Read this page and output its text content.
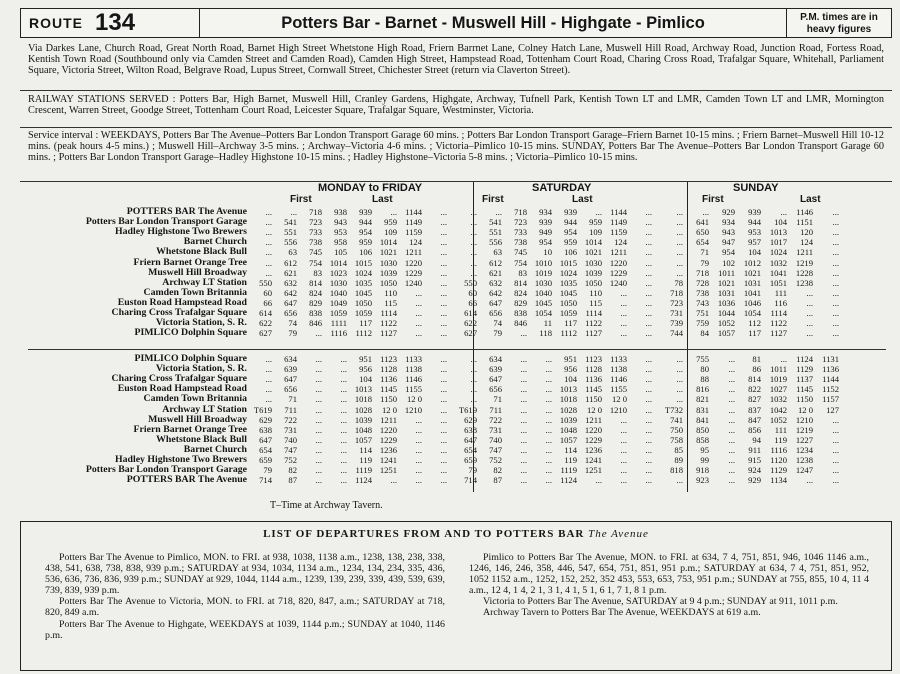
ROUTE 134	Potters Bar - Barnet - Muswell Hill - Highgate - Pimlico	P.M. times are in heavy figures

Via Darkes Lane, Church Road, Great North Road, Barnet High Street Whetstone High Road, Friern Barrnet Lane, Colney Hatch Lane, Muswell Hill Road, Archway Road, Junction Road, Fortess Road, Kentish Town Road (Southbound only via Camden Street and Camden Road), Camden High Street, Hampstead Road, Tottenham Court Road, Charing Cross Road, Trafalgar Square, Whitehall, Parliament Square, Victoria Street, Wilton Road, Belgrave Road, Lupus Street, Cornwall Street, Chichester Street (return via Claverton Street).

RAILWAY STATIONS SERVED : Potters Bar, High Barnet, Muswell Hill, Cranley Gardens, Highgate, Archway, Tufnell Park, Kentish Town LT and LMR, Camden Town LT and LMR, Mornington Crescent, Warren Street, Goodge Street, Tottenham Court Road, Leicester Square, Trafalgar Square, Westminster, Victoria.

Service interval : WEEKDAYS, Potters Bar The Avenue–Potters Bar London Transport Garage 60 mins. ; Potters Bar London Transport Garage–Friern Barnet 10-15 mins. ; Friern Barnet–Muswell Hill 10-12 mins. (peak hours 4-5 mins.) ; Muswell Hill–Archway 3-5 mins. ; Archway–Victoria 4-6 mins. ; Victoria–Pimlico 10-15 mins. SUNDAY, Potters Bar The Avenue–Potters Bar London Transport Garage 60 mins. ; Potters Bar London Transport Garage–Hadley Highstone 10-15 mins. ; Hadley Highstone–Victoria 5-8 mins. ; Victoria–Pimlico 10-15 mins.

MONDAY to FRIDAY	SATURDAY	SUNDAY
First	Last	First	Last	First	Last
POTTERS BAR The Avenue	...	...	718	938	939	...	1144	...	...	...	718	934	939	...	1144	...	...	...	929	939	...	1146	...
Potters Bar London Transport Garage	...	541	723	943	944	959	1149	...	...	541	723	939	944	959	1149	...	...	641	934	944	104	1151	...
Hadley Highstone Two Brewers	...	551	733	953	954	109	1159	...	...	551	733	949	954	109	1159	...	...	650	943	953	1013	120	...
Barnet Church	...	556	738	958	959	1014	124	...	...	556	738	954	959	1014	124	...	...	654	947	957	1017	124	...
Whetstone Black Bull	...	63	745	105	106	1021	1211	...	...	63	745	10	106	1021	1211	...	...	71	954	104	1024	1211	...
Friern Barnet Orange Tree	...	612	754	1014	1015	1030	1220	...	...	612	754	1010	1015	1030	1220	...	...	79	102	1012	1032	1219	...
Muswell Hill Broadway	...	621	83	1023	1024	1039	1229	...	...	621	83	1019	1024	1039	1229	...	...	718	1011	1021	1041	1228	...
Archway LT Station	550	632	814	1030	1035	1050	1240	...	550	632	814	1030	1035	1050	1240	...	78	728	1021	1031	1051	1238	...
Camden Town Britannia	60	642	824	1040	1045	110	...	...	60	642	824	1040	1045	110	...	...	718	738	1031	1041	111	...	...
Euston Road Hampstead Road	66	647	829	1049	1050	115	...	...	66	647	829	1045	1050	115	...	...	723	743	1036	1046	116	...	...
Charing Cross Trafalgar Square	614	656	838	1059	1059	1114	...	...	614	656	838	1054	1059	1114	...	...	731	751	1044	1054	1114	...	...
Victoria Station, S. R.	622	74	846	1111	117	1122	...	...	622	74	846	11	117	1122	...	...	739	759	1052	112	1122	...	...
PIMLICO Dolphin Square	627	79	...	1116	1112	1127	...	...	627	79	...	118	1112	1127	...	...	744	84	1057	117	1127	...	...
PIMLICO Dolphin Square	...	634	...	...	951	1123	1133	...	...	634	...	...	951	1123	1133	...	...	755	...	81	...	1124	1131
Victoria Station, S. R.	...	639	...	...	956	1128	1138	...	...	639	...	...	956	1128	1138	...	...	80	...	86	1011	1129	1136
Charing Cross Trafalgar Square	...	647	...	...	104	1136	1146	...	...	647	...	...	104	1136	1146	...	...	88	...	814	1019	1137	1144
Euston Road Hampstead Road	...	656	...	...	1013	1145	1155	...	...	656	...	...	1013	1145	1155	...	...	816	...	822	1027	1145	1152
Camden Town Britannia	...	71	...	...	1018	1150	12 0	...	...	71	...	...	1018	1150	12 0	...	...	821	...	827	1032	1150	1157
Archway LT Station	T619	711	...	...	1028	12 0	1210	...	T619	711	...	...	1028	12 0	1210	...	T732	831	...	837	1042	12 0	127
Muswell Hill Broadway	629	722	...	...	1039	1211	...	...	629	722	...	...	1039	1211	...	...	741	841	...	847	1052	1210	...
Friern Barnet Orange Tree	638	731	...	...	1048	1220	...	...	638	731	...	...	1048	1220	...	...	750	850	...	856	111	1219	...
Whetstone Black Bull	647	740	...	...	1057	1229	...	...	647	740	...	...	1057	1229	...	...	758	858	...	94	119	1227	...
Barnet Church	654	747	...	...	114	1236	...	...	654	747	...	...	114	1236	...	...	85	95	...	911	1116	1234	...
Hadley Highstone Two Brewers	659	752	...	...	119	1241	...	...	659	752	...	...	119	1241	...	...	89	99	...	915	1120	1238	...
Potters Bar London Transport Garage	79	82	...	...	1119	1251	...	...	79	82	...	...	1119	1251	...	...	818	918	...	924	1129	1247	...
POTTERS BAR The Avenue	714	87	...	...	1124	...	...	...	714	87	...	...	1124	...	...	...	...	923	...	929	1134	...	...
T–Time at Archway Tavern.
LIST OF DEPARTURES FROM AND TO POTTERS BAR The Avenue

Potters Bar The Avenue to Pimlico, MON. to FRI. at 938, 1038, 1138 a.m., 1238, 138, 238, 338, 438, 541, 638, 738, 838, 939 p.m.; SATURDAY at 934, 1034, 1134 a.m., 1234, 134, 234, 335, 436, 536, 636, 736, 836, 939 p.m.; SUNDAY at 929, 1044, 1144 a.m., 1239, 139, 239, 339, 439, 539, 639, 739, 839, 939 p.m.

Potters Bar The Avenue to Victoria, MON. to FRI. at 718, 820, 847, a.m.; SATURDAY at 718, 820, 849 a.m.

Potters Bar The Avenue to Highgate, WEEKDAYS at 1039, 1144 p.m.; SUNDAY at 1040, 1146 p.m.

Pimlico to Potters Bar The Avenue, MON. to FRI. at 634, 7 4, 751, 851, 946, 1046 1146 a.m., 1246, 146, 246, 358, 446, 547, 654, 751, 851, 951 p.m.; SATURDAY at 634, 7 4, 751, 851, 952, 1052 1152 a.m., 1252, 152, 252, 352 453, 553, 653, 753, 951 p.m.; SUNDAY at 755, 855, 10 4, 11 4 a.m., 12 4, 1 4, 2 1, 3 1, 4 1, 5 1, 6 1, 7 1, 8 1 p.m.

Victoria to Potters Bar The Avenue, SATURDAY at 9 4 p.m.; SUNDAY at 911, 1011 p.m.

Archway Tavern to Potters Bar The Avenue, WEEKDAYS at 619 a.m.
